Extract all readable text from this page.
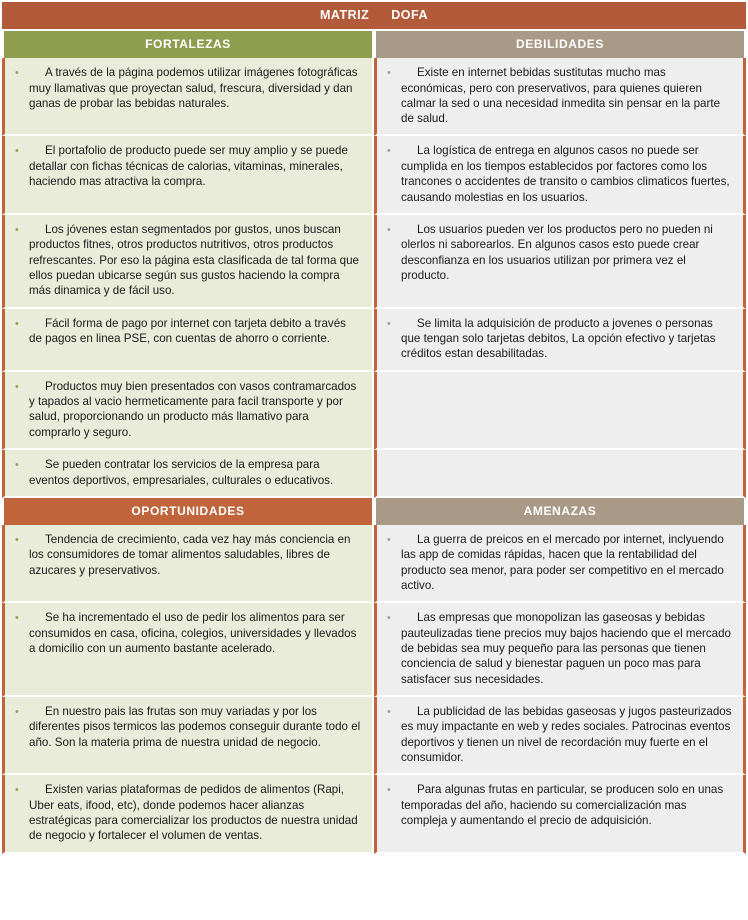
MATRIZ DOFA
FORTALEZAS	DEBILIDADES
• A través de la página podemos utilizar imágenes fotográficas muy llamativas que proyectan salud, frescura, diversidad y dan ganas de probar las bebidas naturales.
• Existe en internet bebidas sustitutas mucho mas económicas, pero con preservativos, para quienes quieren calmar la sed o una necesidad inmedita sin pensar en la parte de salud.
• El portafolio de producto puede ser muy amplio y se puede detallar con fichas técnicas de calorias, vitaminas, minerales, haciendo mas atractiva la compra.
• La logística de entrega en algunos casos no puede ser cumplida en los tiempos establecidos por factores como los trancones o accidentes de transito o cambios climaticos fuertes, causando molestias en los usuarios.
• Los jóvenes estan segmentados por gustos, unos buscan productos fitnes, otros productos nutritivos, otros productos refrescantes. Por eso la página esta clasificada de tal forma que ellos puedan ubicarse según sus gustos haciendo la compra más dinamica y de fácil uso.
• Los usuarios pueden ver los productos pero no pueden ni olerlos ni saborearlos. En algunos casos esto puede crear desconfianza en los usuarios utilizan por primera vez el producto.
• Fácil forma de pago por internet con tarjeta debito a través de pagos en linea PSE, con cuentas de ahorro o corriente.
• Se limita la adquisición de producto a jovenes o personas que tengan solo tarjetas debitos, La opción efectivo y tarjetas créditos estan desabilitadas.
• Productos muy bien presentados con vasos contramarcados y tapados al vacio hermeticamente para facil transporte y por salud, proporcionando un producto más llamativo para comprarlo y seguro.
• Se pueden contratar los servicios de la empresa para eventos deportivos, empresariales, culturales o educativos.
OPORTUNIDADES	AMENAZAS
• Tendencia de crecimiento, cada vez hay más conciencia en los consumidores de tomar alimentos saludables, libres de azucares y preservativos.
• La guerra de preicos en el mercado por internet, inclyuendo las app de comidas rápidas, hacen que la rentabilidad del producto sea menor, para poder ser competitivo en el mercado activo.
• Se ha incrementado el uso de pedir los alimentos para ser consumidos en casa, oficina, colegios, universidades y llevados a domicilio con un aumento bastante acelerado.
• Las empresas que monopolizan las gaseosas y bebidas pauteulizadas tiene precios muy bajos haciendo que el mercado de bebidas sea muy pequeño para las personas que tienen conciencia de salud y bienestar paguen un poco mas para satisfacer sus necesidades.
• En nuestro pais las frutas son muy variadas y por los diferentes pisos termicos las podemos conseguir durante todo el año. Son la materia prima de nuestra unidad de negocio.
• La publicidad de las bebidas gaseosas y jugos pasteurizados es muy impactante en web y redes sociales. Patrocinas eventos deportivos y tienen un nivel de recordación muy fuerte en el consumidor.
• Existen varias plataformas de pedidos de alimentos (Rapi, Uber eats, ifood, etc), donde podemos hacer alianzas estratégicas para comercializar los productos de nuestra unidad de negocio y fortalecer el volumen de ventas.
• Para algunas frutas en particular, se producen solo en unas temporadas del año, haciendo su comercialización mas compleja y aumentando el precio de adquisición.
